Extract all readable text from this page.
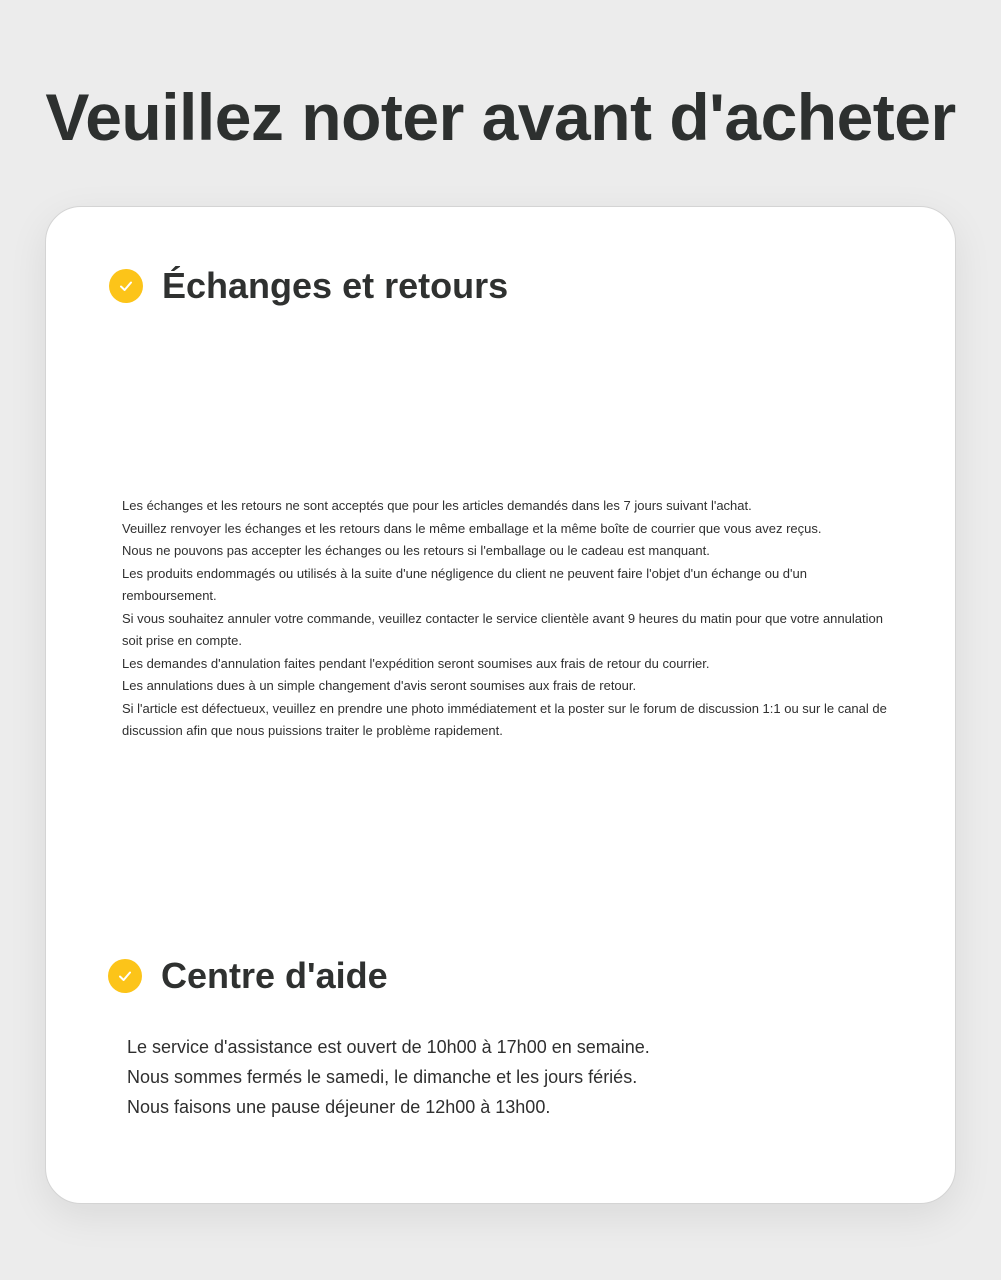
Veuillez noter avant d'acheter
Échanges et retours
Les échanges et les retours ne sont acceptés que pour les articles demandés dans les 7 jours suivant l'achat.
Veuillez renvoyer les échanges et les retours dans le même emballage et la même boîte de courrier que vous avez reçus.
Nous ne pouvons pas accepter les échanges ou les retours si l'emballage ou le cadeau est manquant.
Les produits endommagés ou utilisés à la suite d'une négligence du client ne peuvent faire l'objet d'un échange ou d'un remboursement.
Si vous souhaitez annuler votre commande, veuillez contacter le service clientèle avant 9 heures du matin pour que votre annulation soit prise en compte.
Les demandes d'annulation faites pendant l'expédition seront soumises aux frais de retour du courrier.
Les annulations dues à un simple changement d'avis seront soumises aux frais de retour.
Si l'article est défectueux, veuillez en prendre une photo immédiatement et la poster sur le forum de discussion 1:1 ou sur le canal de discussion afin que nous puissions traiter le problème rapidement.
Centre d'aide
Le service d'assistance est ouvert de 10h00 à 17h00 en semaine.
Nous sommes fermés le samedi, le dimanche et les jours fériés.
Nous faisons une pause déjeuner de 12h00 à 13h00.
